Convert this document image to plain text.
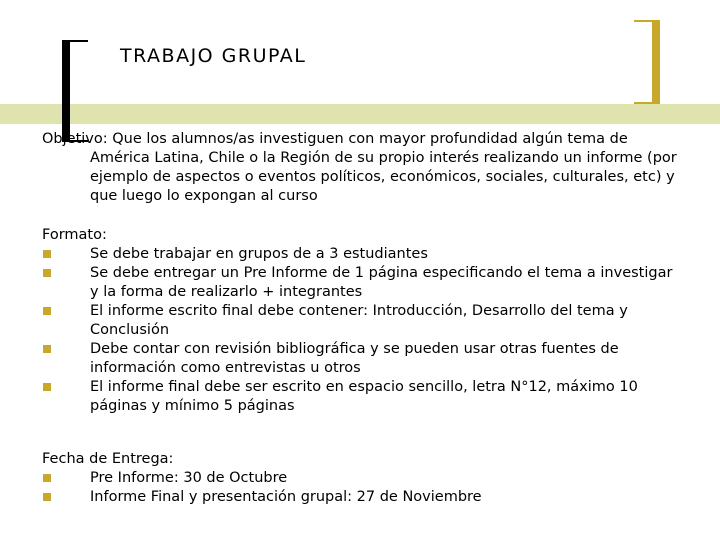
TRABAJO GRUPAL
Objetivo: Que los alumnos/as investiguen con mayor profundidad algún tema de América Latina, Chile o la Región de su propio interés realizando un informe (por ejemplo de aspectos o eventos políticos, económicos, sociales, culturales, etc) y que luego lo expongan al curso
Formato:
Se debe trabajar en grupos de a 3 estudiantes
Se debe entregar un Pre Informe de 1 página especificando el tema a investigar y la forma de realizarlo + integrantes
El informe escrito final debe contener: Introducción, Desarrollo del tema y Conclusión
Debe contar con revisión bibliográfica y se pueden usar otras fuentes de información como entrevistas u otros
El informe final debe ser escrito en espacio sencillo, letra N°12, máximo 10 páginas y mínimo 5 páginas
Fecha de Entrega:
Pre Informe: 30 de Octubre
Informe Final y presentación grupal: 27 de Noviembre
